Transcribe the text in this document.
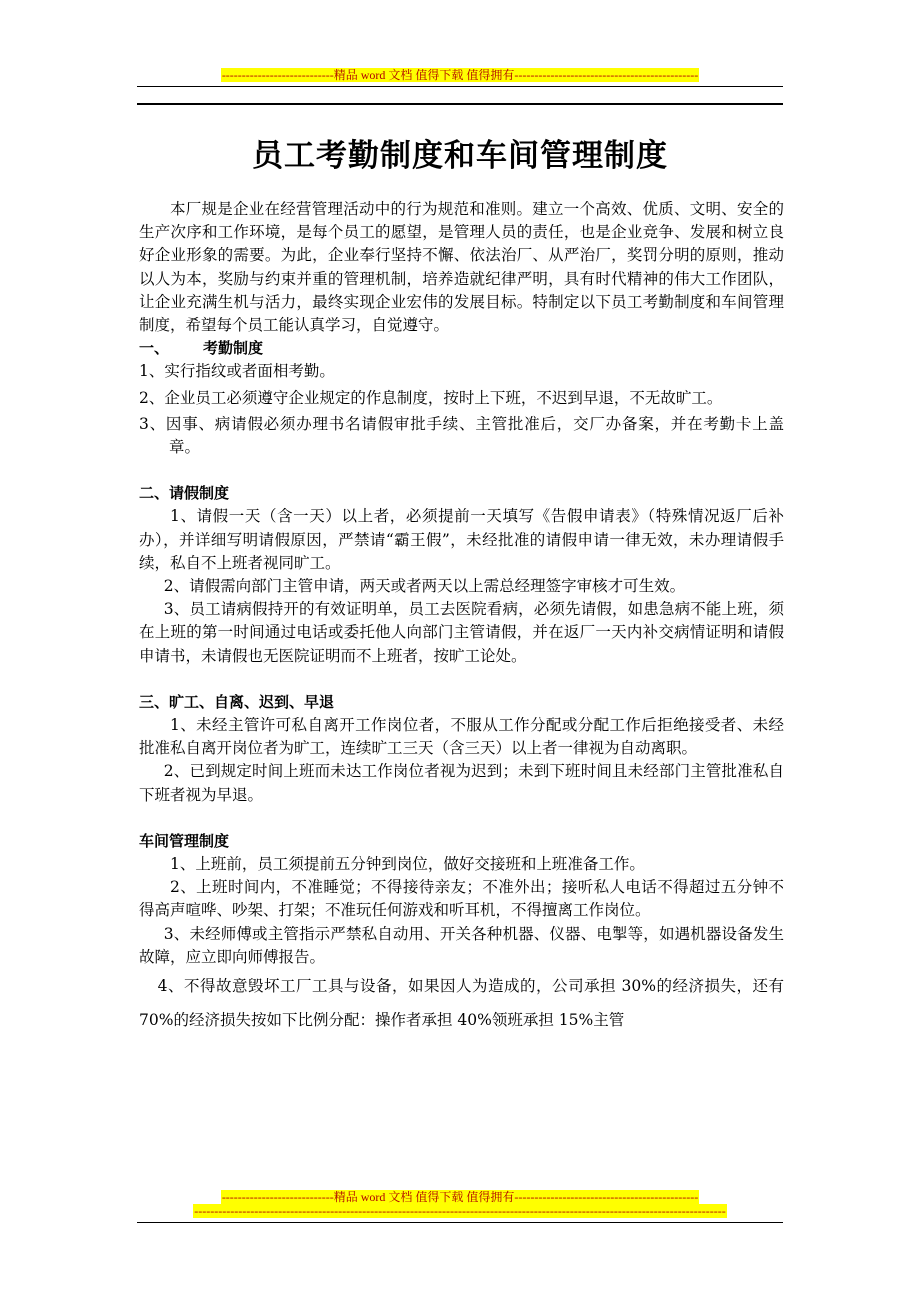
----------------------------精品 word 文档 值得下载 值得拥有----------------------------------------------
员工考勤制度和车间管理制度

本厂规是企业在经营管理活动中的行为规范和准则。建立一个高效、优质、文明、安全的生产次序和工作环境，是每个员工的愿望，是管理人员的责任，也是企业竞争、发展和树立良好企业形象的需要。为此，企业奉行坚持不懈、依法治厂、从严治厂，奖罚分明的原则，推动以人为本，奖励与约束并重的管理机制，培养造就纪律严明，具有时代精神的伟大工作团队，让企业充满生机与活力，最终实现企业宏伟的发展目标。特制定以下员工考勤制度和车间管理制度，希望每个员工能认真学习，自觉遵守。

一、 考勤制度

1、实行指纹或者面相考勤。

2、企业员工必须遵守企业规定的作息制度，按时上下班，不迟到早退，不无故旷工。

3、因事、病请假必须办理书名请假审批手续、主管批准后，交厂办备案，并在考勤卡上盖章。

二、请假制度

1、请假一天（含一天）以上者，必须提前一天填写《告假申请表》（特殊情况返厂后补办），并详细写明请假原因，严禁请“霸王假”，未经批准的请假申请一律无效，未办理请假手续，私自不上班者视同旷工。

2、请假需向部门主管申请，两天或者两天以上需总经理签字审核才可生效。

3、员工请病假持开的有效证明单，员工去医院看病，必须先请假，如患急病不能上班，须在上班的第一时间通过电话或委托他人向部门主管请假，并在返厂一天内补交病情证明和请假申请书，未请假也无医院证明而不上班者，按旷工论处。

三、旷工、自离、迟到、早退

1、未经主管许可私自离开工作岗位者，不服从工作分配或分配工作后拒绝接受者、未经批准私自离开岗位者为旷工，连续旷工三天（含三天）以上者一律视为自动离职。

2、已到规定时间上班而未达工作岗位者视为迟到；未到下班时间且未经部门主管批准私自下班者视为早退。

车间管理制度

1、上班前，员工须提前五分钟到岗位，做好交接班和上班准备工作。

2、上班时间内，不准睡觉；不得接待亲友；不准外出；接听私人电话不得超过五分钟不得高声喧哗、吵架、打架；不准玩任何游戏和听耳机，不得擅离工作岗位。

3、未经师傅或主管指示严禁私自动用、开关各种机器、仪器、电掣等，如遇机器设备发生故障，应立即向师傅报告。

4、不得故意毁坏工厂工具与设备，如果因人为造成的，公司承担 30%的经济损失，还有 70%的经济损失按如下比例分配：操作者承担 40%领班承担 15%主管

----------------------------精品 word 文档 值得下载 值得拥有----------------------------------------------
-------------------------------------------------------------------------------------------------------------------------------------
